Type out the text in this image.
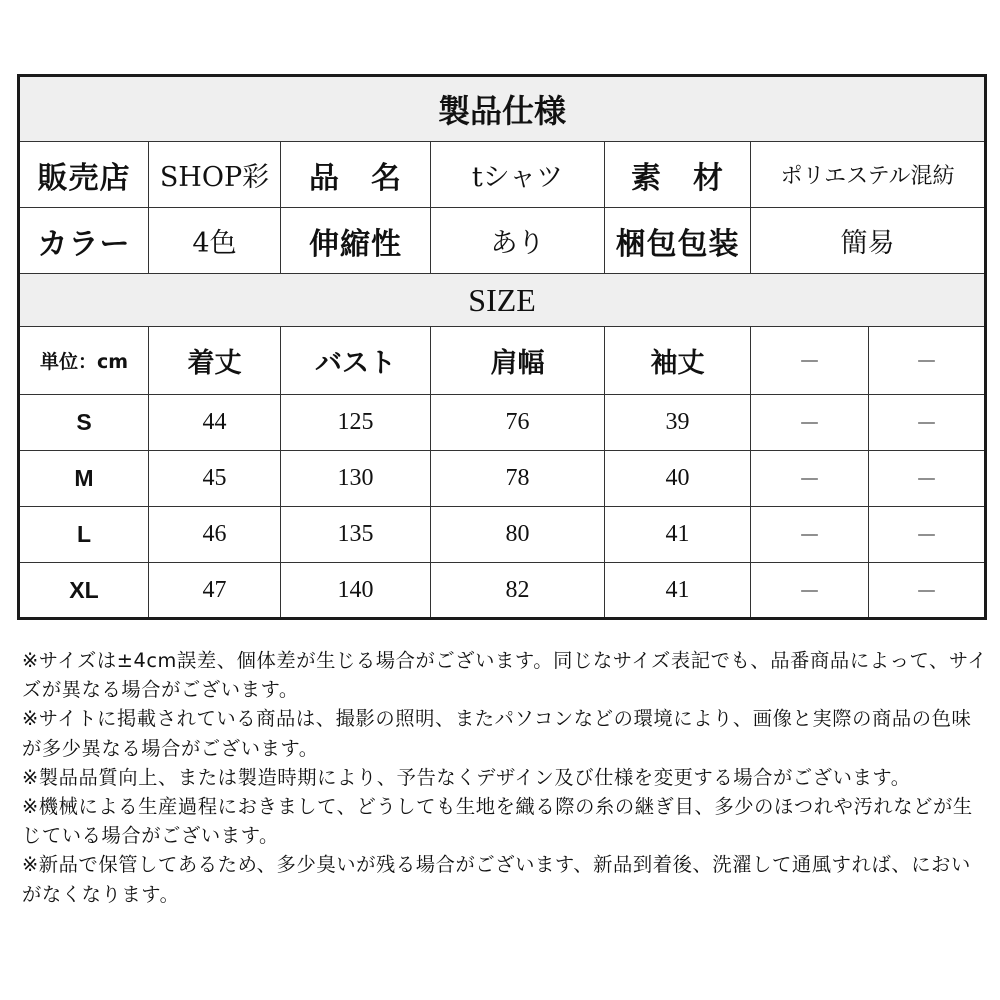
製品仕様						
販売店	SHOP彩	品　名	tシャツ	素　材	ポリエステル混紡	
カラー	4色	伸縮性	あり	梱包包装	簡易	
SIZE						
単位：cm	着丈	バスト	肩幅	袖丈	－	－
S	44	125	76	39	－	－
M	45	130	78	40	－	－
L	46	135	80	41	－	－
XL	47	140	82	41	－	－
※サイズは±4cm誤差、個体差が生じる場合がございます。同じなサイズ表記でも、品番商品によって、サイズが異なる場合がございます。
※サイトに掲載されている商品は、撮影の照明、またパソコンなどの環境により、画像と実際の商品の色味が多少異なる場合がございます。
※製品品質向上、または製造時期により、予告なくデザイン及び仕様を変更する場合がございます。
※機械による生産過程におきまして、どうしても生地を織る際の糸の継ぎ目、多少のほつれや汚れなどが生じている場合がございます。
※新品で保管してあるため、多少臭いが残る場合がございます、新品到着後、洗濯して通風すれば、においがなくなります。
